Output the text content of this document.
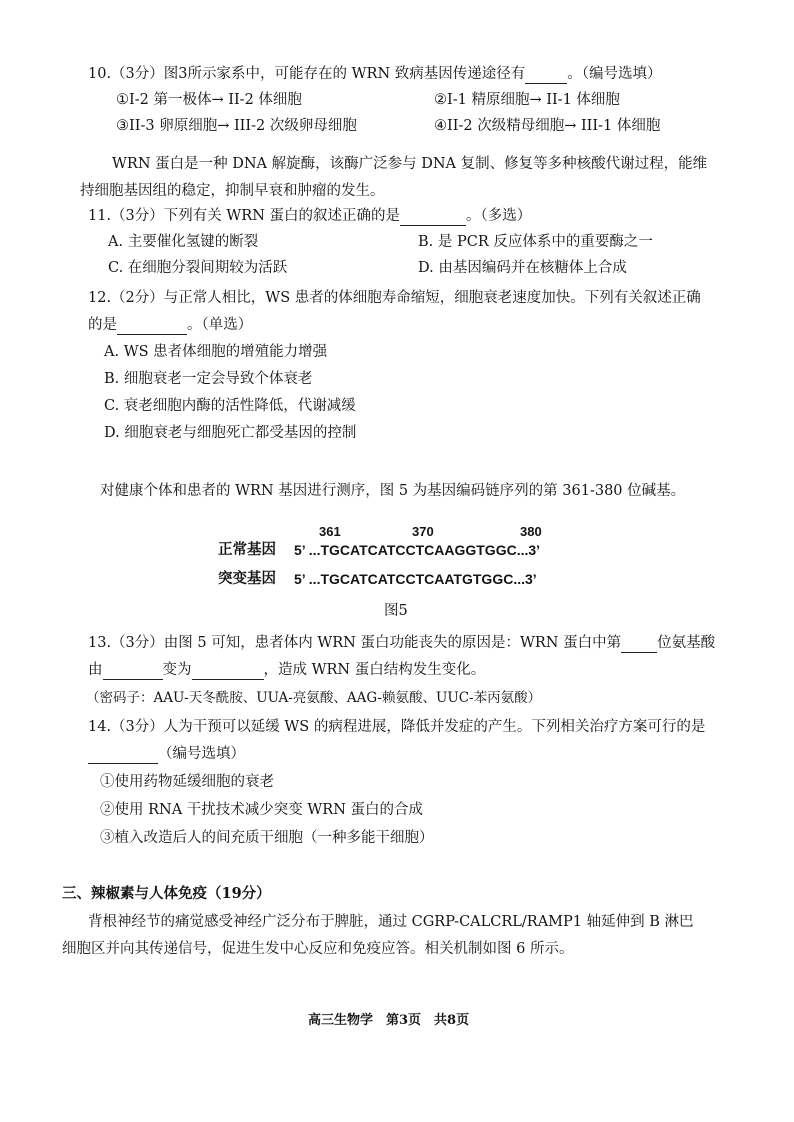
10.（3分）图3所示家系中，可能存在的 WRN 致病基因传递途径有	。（编号选填）
①I-2 第一极体→ II-2 体细胞	②I-1 精原细胞→ II-1 体细胞
③II-3 卵原细胞→ III-2 次级卵母细胞	④II-2 次级精母细胞→ III-1 体细胞
WRN 蛋白是一种 DNA 解旋酶，该酶广泛参与 DNA 复制、修复等多种核酸代谢过程，能维
持细胞基因组的稳定，抑制早衰和肿瘤的发生。
11.（3分）下列有关 WRN 蛋白的叙述正确的是	。（多选）
A. 主要催化氢键的断裂	B. 是 PCR 反应体系中的重要酶之一
C. 在细胞分裂间期较为活跃	D. 由基因编码并在核糖体上合成
12.（2分）与正常人相比，WS 患者的体细胞寿命缩短，细胞衰老速度加快。下列有关叙述正确
的是	。（单选）
A. WS 患者体细胞的增殖能力增强
B. 细胞衰老一定会导致个体衰老
C. 衰老细胞内酶的活性降低，代谢减缓
D. 细胞衰老与细胞死亡都受基因的控制
对健康个体和患者的 WRN 基因进行测序，图 5 为基因编码链序列的第 361-380 位碱基。
361	370	380
正常基因 5’ ...TGCATCATCCTCAAGGTGGC...3’
突变基因 5’ ...TGCATCATCCTCAATGTGGC...3’
图5
13.（3分）由图 5 可知，患者体内 WRN 蛋白功能丧失的原因是：WRN 蛋白中第 位氨基酸
由	变为	，造成 WRN 蛋白结构发生变化。
（密码子：AAU-天冬酰胺、UUA-亮氨酸、AAG-赖氨酸、UUC-苯丙氨酸）
14.（3分）人为干预可以延缓 WS 的病程进展，降低并发症的产生。下列相关治疗方案可行的是
（编号选填）
①使用药物延缓细胞的衰老
②使用 RNA 干扰技术减少突变 WRN 蛋白的合成
③植入改造后人的间充质干细胞（一种多能干细胞）
三、辣椒素与人体免疫（19分）
背根神经节的痛觉感受神经广泛分布于脾脏，通过 CGRP-CALCRL/RAMP1 轴延伸到 B 淋巴
细胞区并向其传递信号，促进生发中心反应和免疫应答。相关机制如图 6 所示。
高三生物学　第3页　共8页
